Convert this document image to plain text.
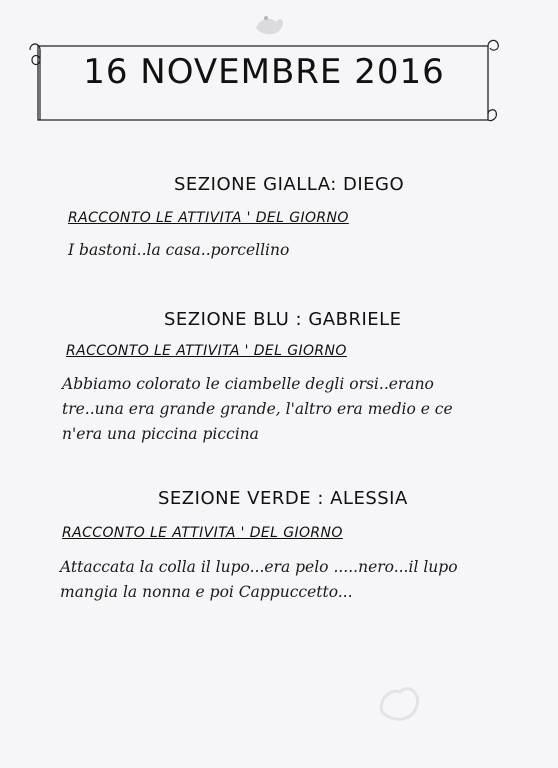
16 NOVEMBRE 2016
SEZIONE GIALLA: DIEGO
RACCONTO LE ATTIVITA ' DEL GIORNO
I bastoni..la casa..porcellino
SEZIONE BLU : GABRIELE
RACCONTO LE ATTIVITA ' DEL GIORNO
Abbiamo colorato le ciambelle degli orsi..erano
tre..una era grande grande, l'altro era medio e ce
n'era una piccina piccina
SEZIONE VERDE : ALESSIA
RACCONTO LE ATTIVITA ' DEL GIORNO
Attaccata la colla il lupo...era pelo .....nero...il lupo
mangia la nonna e poi Cappuccetto...
